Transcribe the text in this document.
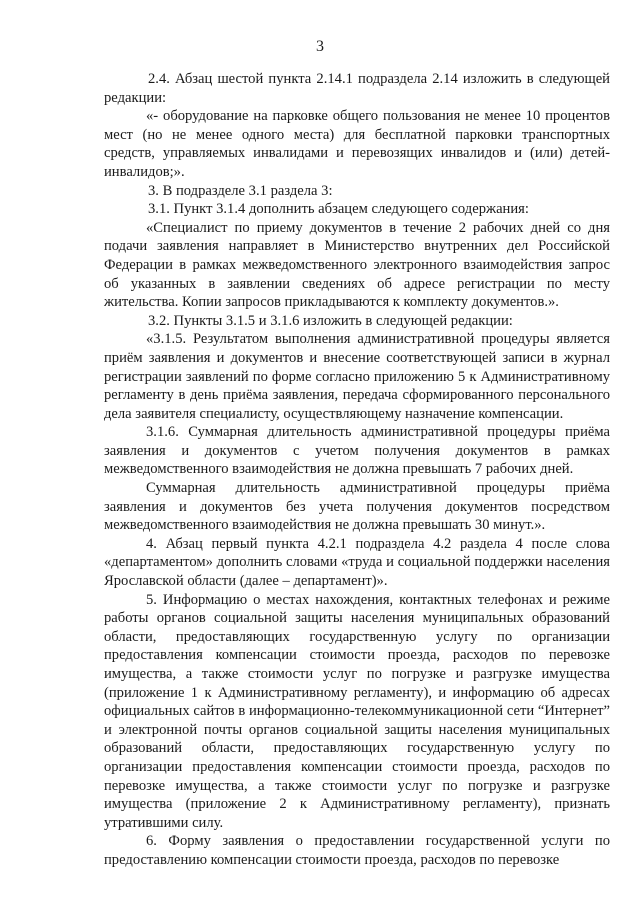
3

2.4. Абзац шестой пункта 2.14.1 подраздела 2.14 изложить в следующей редакции:

«- оборудование на парковке общего пользования не менее 10 процентов мест (но не менее одного места) для бесплатной парковки транспортных средств, управляемых инвалидами и перевозящих инвалидов и (или) детей-инвалидов;».

3. В подразделе 3.1 раздела 3:

3.1. Пункт 3.1.4 дополнить абзацем следующего содержания:

«Специалист по приему документов в течение 2 рабочих дней со дня подачи заявления направляет в Министерство внутренних дел Российской Федерации в рамках межведомственного электронного взаимодействия запрос об указанных в заявлении сведениях об адресе регистрации по месту жительства. Копии запросов прикладываются к комплекту документов.».

3.2. Пункты 3.1.5 и 3.1.6 изложить в следующей редакции:

«3.1.5. Результатом выполнения административной процедуры является приём заявления и документов и внесение соответствующей записи в журнал регистрации заявлений по форме согласно приложению 5 к Административному регламенту в день приёма заявления, передача сформированного персонального дела заявителя специалисту, осуществляющему назначение компенсации.

3.1.6. Суммарная длительность административной процедуры приёма заявления и документов с учетом получения документов в рамках межведомственного взаимодействия не должна превышать 7 рабочих дней.

Суммарная длительность административной процедуры приёма заявления и документов без учета получения документов посредством межведомственного взаимодействия не должна превышать 30 минут.».

4. Абзац первый пункта 4.2.1 подраздела 4.2 раздела 4 после слова «департаментом» дополнить словами «труда и социальной поддержки населения Ярославской области (далее – департамент)».

5. Информацию о местах нахождения, контактных телефонах и режиме работы органов социальной защиты населения муниципальных образований области, предоставляющих государственную услугу по организации предоставления компенсации стоимости проезда, расходов по перевозке имущества, а также стоимости услуг по погрузке и разгрузке имущества (приложение 1 к Административному регламенту), и информацию об адресах официальных сайтов в информационно-телекоммуникационной сети “Интернет” и электронной почты органов социальной защиты населения муниципальных образований области, предоставляющих государственную услугу по организации предоставления компенсации стоимости проезда, расходов по перевозке имущества, а также стоимости услуг по погрузке и разгрузке имущества (приложение 2 к Административному регламенту), признать утратившими силу.

6. Форму заявления о предоставлении государственной услуги по предоставлению компенсации стоимости проезда, расходов по перевозке
